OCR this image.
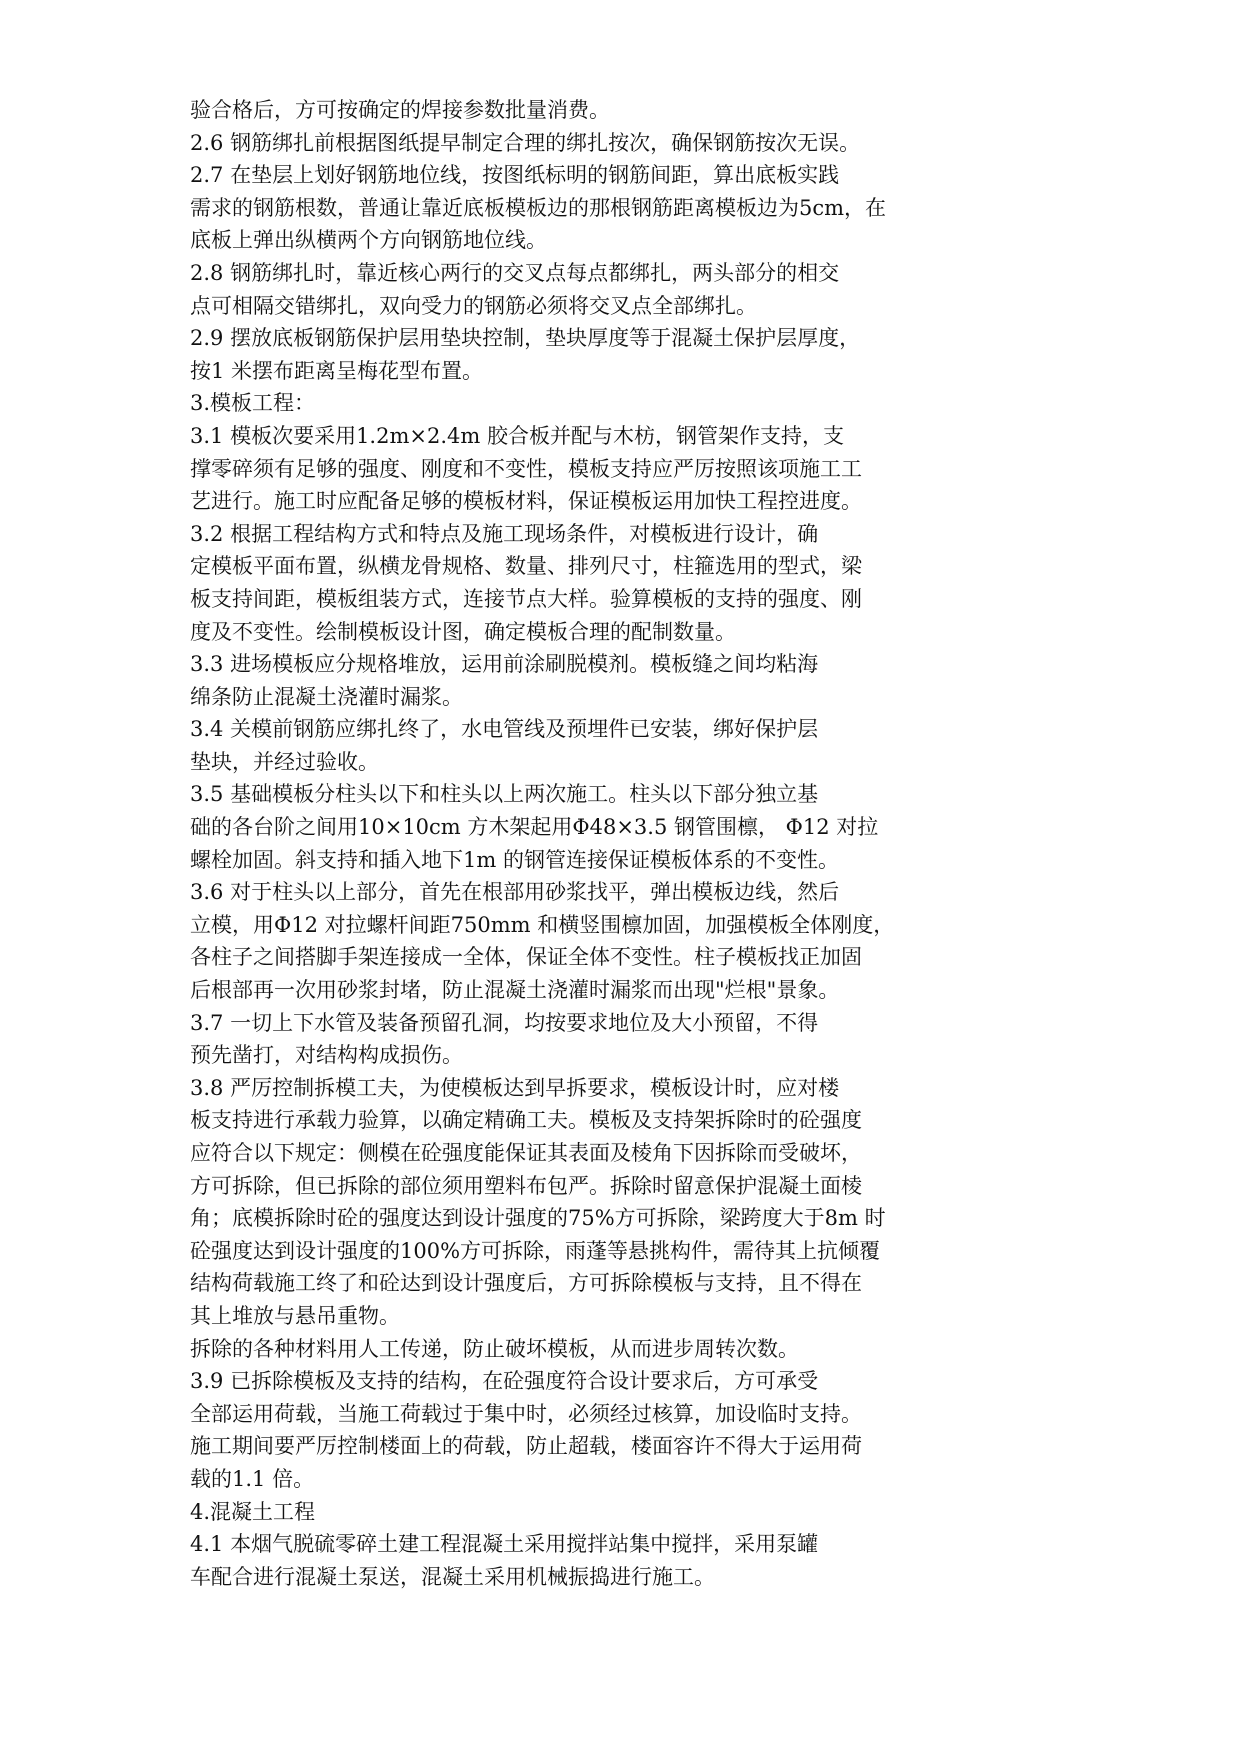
验合格后，方可按确定的焊接参数批量消费。
2.6 钢筋绑扎前根据图纸提早制定合理的绑扎按次，确保钢筋按次无误。
2.7 在垫层上划好钢筋地位线，按图纸标明的钢筋间距，算出底板实践
需求的钢筋根数，普通让靠近底板模板边的那根钢筋距离模板边为5cm，在
底板上弹出纵横两个方向钢筋地位线。
2.8 钢筋绑扎时，靠近核心两行的交叉点每点都绑扎，两头部分的相交
点可相隔交错绑扎，双向受力的钢筋必须将交叉点全部绑扎。
2.9 摆放底板钢筋保护层用垫块控制，垫块厚度等于混凝土保护层厚度，
按1 米摆布距离呈梅花型布置。
3.模板工程：
3.1 模板次要采用1.2m×2.4m 胶合板并配与木枋，钢管架作支持，支
撑零碎须有足够的强度、刚度和不变性，模板支持应严厉按照该项施工工
艺进行。施工时应配备足够的模板材料，保证模板运用加快工程控进度。
3.2 根据工程结构方式和特点及施工现场条件，对模板进行设计，确
定模板平面布置，纵横龙骨规格、数量、排列尺寸，柱箍选用的型式，梁
板支持间距，模板组装方式，连接节点大样。验算模板的支持的强度、刚
度及不变性。绘制模板设计图，确定模板合理的配制数量。
3.3 进场模板应分规格堆放，运用前涂刷脱模剂。模板缝之间均粘海
绵条防止混凝土浇灌时漏浆。
3.4 关模前钢筋应绑扎终了，水电管线及预埋件已安装，绑好保护层
垫块，并经过验收。
3.5 基础模板分柱头以下和柱头以上两次施工。柱头以下部分独立基
础的各台阶之间用10×10cm 方木架起用Φ48×3.5 钢管围檩， Φ12 对拉
螺栓加固。斜支持和插入地下1m 的钢管连接保证模板体系的不变性。
3.6 对于柱头以上部分，首先在根部用砂浆找平，弹出模板边线，然后
立模，用Φ12 对拉螺杆间距750mm 和横竖围檩加固，加强模板全体刚度，
各柱子之间搭脚手架连接成一全体，保证全体不变性。柱子模板找正加固
后根部再一次用砂浆封堵，防止混凝土浇灌时漏浆而出现"烂根"景象。
3.7 一切上下水管及装备预留孔洞，均按要求地位及大小预留，不得
预先凿打，对结构构成损伤。
3.8 严厉控制拆模工夫，为使模板达到早拆要求，模板设计时，应对楼
板支持进行承载力验算，以确定精确工夫。模板及支持架拆除时的砼强度
应符合以下规定：侧模在砼强度能保证其表面及棱角下因拆除而受破坏，
方可拆除，但已拆除的部位须用塑料布包严。拆除时留意保护混凝土面棱
角；底模拆除时砼的强度达到设计强度的75%方可拆除，梁跨度大于8m 时
砼强度达到设计强度的100%方可拆除，雨蓬等悬挑构件，需待其上抗倾覆
结构荷载施工终了和砼达到设计强度后，方可拆除模板与支持，且不得在
其上堆放与悬吊重物。
拆除的各种材料用人工传递，防止破坏模板，从而进步周转次数。
3.9 已拆除模板及支持的结构，在砼强度符合设计要求后，方可承受
全部运用荷载，当施工荷载过于集中时，必须经过核算，加设临时支持。
施工期间要严厉控制楼面上的荷载，防止超载，楼面容许不得大于运用荷
载的1.1 倍。
4.混凝土工程
4.1 本烟气脱硫零碎土建工程混凝土采用搅拌站集中搅拌，采用泵罐
车配合进行混凝土泵送，混凝土采用机械振捣进行施工。
